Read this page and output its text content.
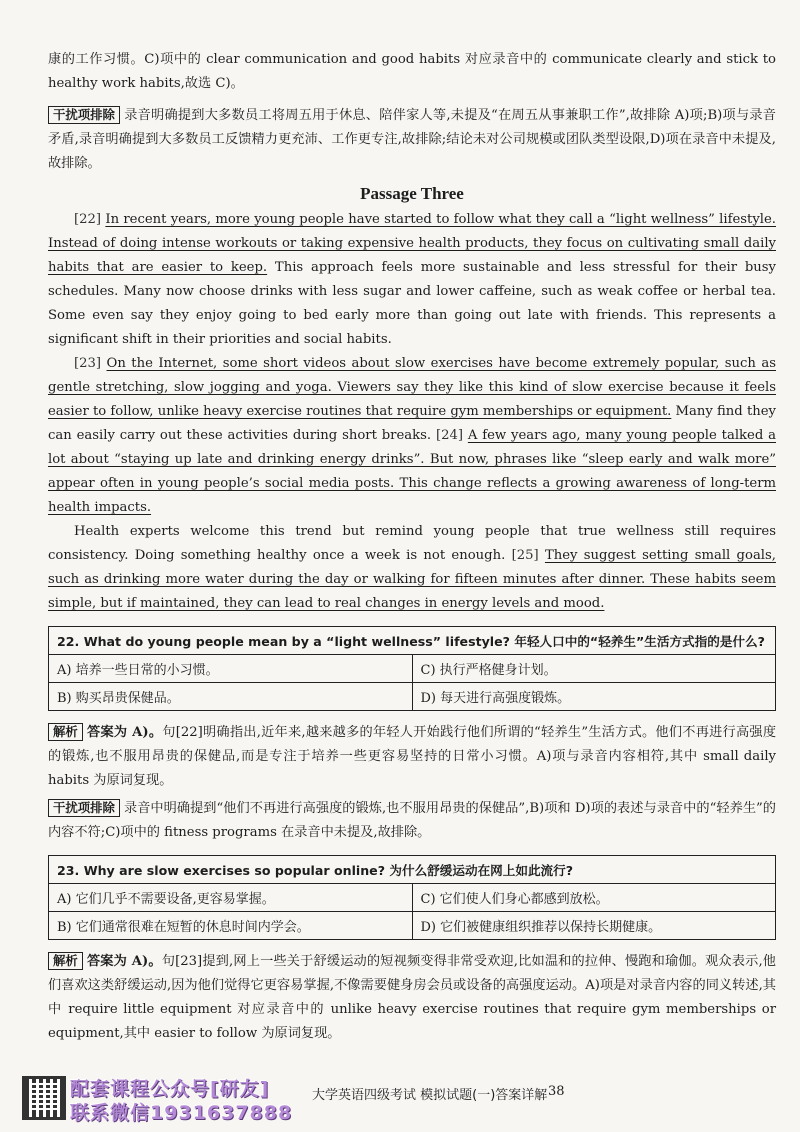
康的工作习惯。C)项中的 clear communication and good habits 对应录音中的 communicate clearly and stick to healthy work habits,故选 C)。

干扰项排除 录音明确提到大多数员工将周五用于休息、陪伴家人等,未提及“在周五从事兼职工作”,故排除 A)项;B)项与录音矛盾,录音明确提到大多数员工反馈精力更充沛、工作更专注,故排除;结论未对公司规模或团队类型设限,D)项在录音中未提及,故排除。

Passage Three

[22] In recent years, more young people have started to follow what they call a “light wellness” lifestyle. Instead of doing intense workouts or taking expensive health products, they focus on cultivating small daily habits that are easier to keep. This approach feels more sustainable and less stressful for their busy schedules. Many now choose drinks with less sugar and lower caffeine, such as weak coffee or herbal tea. Some even say they enjoy going to bed early more than going out late with friends. This represents a significant shift in their priorities and social habits.

[23] On the Internet, some short videos about slow exercises have become extremely popular, such as gentle stretching, slow jogging and yoga. Viewers say they like this kind of slow exercise because it feels easier to follow, unlike heavy exercise routines that require gym memberships or equipment. Many find they can easily carry out these activities during short breaks. [24] A few years ago, many young people talked a lot about “staying up late and drinking energy drinks”. But now, phrases like “sleep early and walk more” appear often in young people’s social media posts. This change reflects a growing awareness of long-term health impacts.

Health experts welcome this trend but remind young people that true wellness still requires consistency. Doing something healthy once a week is not enough. [25] They suggest setting small goals, such as drinking more water during the day or walking for fifteen minutes after dinner. These habits seem simple, but if maintained, they can lead to real changes in energy levels and mood.

22. What do young people mean by a “light wellness” lifestyle? 年轻人口中的“轻养生”生活方式指的是什么?	
A) 培养一些日常的小习惯。	C) 执行严格健身计划。
B) 购买昂贵保健品。	D) 每天进行高强度锻炼。

解析 答案为 A)。句[22]明确指出,近年来,越来越多的年轻人开始践行他们所谓的“轻养生”生活方式。他们不再进行高强度的锻炼,也不服用昂贵的保健品,而是专注于培养一些更容易坚持的日常小习惯。A)项与录音内容相符,其中 small daily habits 为原词复现。

干扰项排除 录音中明确提到“他们不再进行高强度的锻炼,也不服用昂贵的保健品”,B)项和 D)项的表述与录音中的“轻养生”的内容不符;C)项中的 fitness programs 在录音中未提及,故排除。

23. Why are slow exercises so popular online? 为什么舒缓运动在网上如此流行?	
A) 它们几乎不需要设备,更容易掌握。	C) 它们使人们身心都感到放松。
B) 它们通常很难在短暂的休息时间内学会。	D) 它们被健康组织推荐以保持长期健康。

解析 答案为 A)。句[23]提到,网上一些关于舒缓运动的短视频变得非常受欢迎,比如温和的拉伸、慢跑和瑜伽。观众表示,他们喜欢这类舒缓运动,因为他们觉得它更容易掌握,不像需要健身房会员或设备的高强度运动。A)项是对录音内容的同义转述,其中 require little equipment 对应录音中的 unlike heavy exercise routines that require gym memberships or equipment,其中 easier to follow 为原词复现。

配套课程公众号[研友]
联系微信1931637888
大学英语四级考试 模拟试题(一)答案详解 38
